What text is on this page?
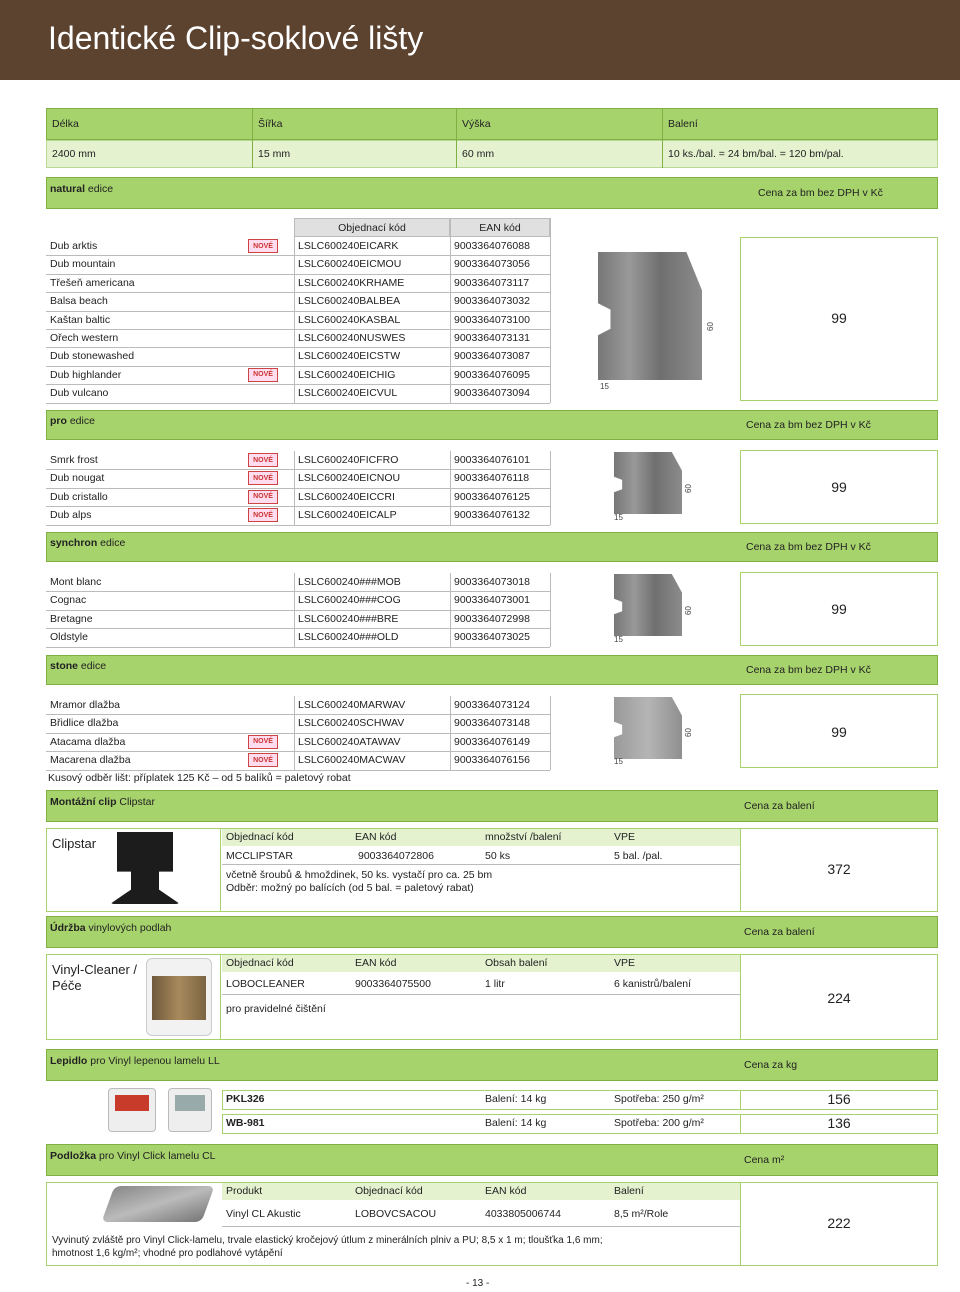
Identické Clip-soklové lišty
Délka	Šířka	Výška	Balení
2400 mm	15 mm	60 mm	10 ks./bal. = 24 bm/bal. = 120 bm/pal.
natural edice	Cena za bm bez DPH v Kč
Objednací kód	EAN kód
Dub arktis	LSLC600240EICARK	9003364076088
NOVÉ
Dub mountain	LSLC600240EICMOU	9003364073056
Třešeň americana	LSLC600240KRHAME	9003364073117
Balsa beach	LSLC600240BALBEA	9003364073032
Kaštan baltic	LSLC600240KASBAL	9003364073100
Ořech western	LSLC600240NUSWES	9003364073131
Dub stonewashed	LSLC600240EICSTW	9003364073087
Dub highlander	LSLC600240EICHIG	9003364076095
NOVÉ
Dub vulcano	LSLC600240EICVUL	9003364073094
99
15
60
pro edice	Cena za bm bez DPH v Kč
Smrk frost	LSLC600240FICFRO	9003364076101
NOVÉ
Dub nougat	LSLC600240EICNOU	9003364076118
NOVÉ
Dub cristallo	LSLC600240EICCRI	9003364076125
NOVÉ
Dub alps	LSLC600240EICALP	9003364076132
NOVÉ
99
15
60
synchron edice	Cena za bm bez DPH v Kč
Mont blanc	LSLC600240###MOB	9003364073018
Cognac	LSLC600240###COG	9003364073001
Bretagne	LSLC600240###BRE	9003364072998
Oldstyle	LSLC600240###OLD	9003364073025
99
15
60
stone edice	Cena za bm bez DPH v Kč
Mramor dlažba	LSLC600240MARWAV	9003364073124
Břidlice dlažba	LSLC600240SCHWAV	9003364073148
Atacama dlažba	LSLC600240ATAWAV	9003364076149
NOVÉ
Macarena dlažba	LSLC600240MACWAV	9003364076156
NOVÉ
99
15
60
Kusový odběr lišt: příplatek 125 Kč – od 5 balíků = paletový robat
Montážní clip Clipstar	Cena za balení
Clipstar	Objednací kód	EAN kód	množství /balení	VPE
MCCLIPSTAR	9003364072806	50 ks	5 bal. /pal.
včetně šroubů & hmoždinek, 50 ks. vystačí pro ca. 25 bm
Odběr: možný po balících (od 5 bal. = paletový rabat)
372
Údržba vinylových podlah	Cena za balení
Vinyl-Cleaner /
Péče
Objednací kód	EAN kód	Obsah balení	VPE
LOBOCLEANER	9003364075500	1 litr	6 kanistrů/balení
pro pravidelné čištění
224
Lepidlo pro Vinyl lepenou lamelu LL	Cena za kg
PKL326	Balení: 14 kg	Spotřeba: 250 g/m²	156
WB-981	Balení: 14 kg	Spotřeba: 200 g/m²	136
Podložka pro Vinyl Click lamelu CL	Cena m²
Produkt	Objednací kód	EAN kód	Balení
Vinyl CL Akustic	LOBOVCSACOU	4033805006744	8,5 m²/Role
Vyvinutý zvláště pro Vinyl Click-lamelu, trvale elastický kročejový útlum z minerálních plniv a PU; 8,5 x 1 m; tloušťka 1,6 mm;
hmotnost 1,6 kg/m²; vhodné pro podlahové vytápění
222
- 13 -
